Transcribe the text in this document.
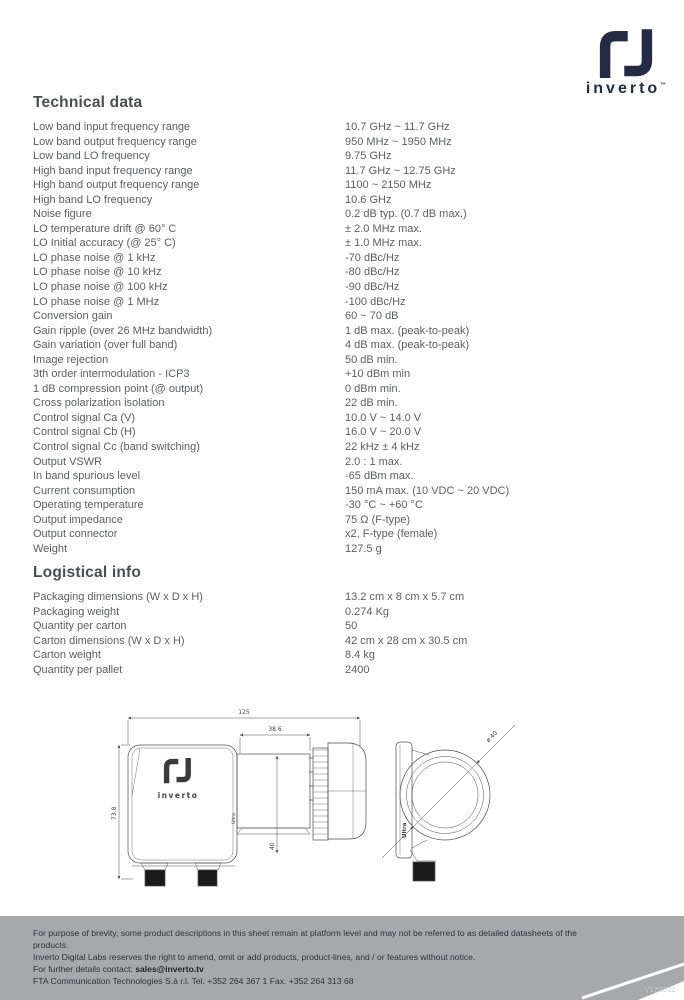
inverto™
Technical data
Low band input frequency range	10.7 GHz ~ 11.7 GHz
Low band output frequency range	950 MHz ~ 1950 MHz
Low band LO frequency	9.75 GHz
High band input frequency range	11.7 GHz ~ 12.75 GHz
High band output frequency range	1100 ~ 2150 MHz
High band LO frequency	10.6 GHz
Noise figure	0.2 dB typ. (0.7 dB max.)
LO temperature drift @ 60° C	± 2.0 MHz max.
LO Initial accuracy (@ 25° C)	± 1.0 MHz max.
LO phase noise @ 1 kHz	-70 dBc/Hz
LO phase noise @ 10 kHz	-80 dBc/Hz
LO phase noise @ 100 kHz	-90 dBc/Hz
LO phase noise @ 1 MHz	-100 dBc/Hz
Conversion gain	60 ~ 70 dB
Gain ripple (over 26 MHz bandwidth)	1 dB max. (peak-to-peak)
Gain variation (over full band)	4 dB max. (peak-to-peak)
Image rejection	50 dB min.
3th order intermodulation - ICP3	+10 dBm min
1 dB compression point (@ output)	0 dBm min.
Cross polarization isolation	22 dB min.
Control signal Ca (V)	10.0 V ~ 14.0 V
Control signal Cb (H)	16.0 V ~ 20.0 V
Control signal Cc (band switching)	22 kHz ± 4 kHz
Output VSWR	2.0 : 1 max.
In band spurious level	-65 dBm max.
Current consumption	150 mA max. (10 VDC ~ 20 VDC)
Operating temperature	-30 °C ~ +60 °C
Output impedance	75 Ω (F-type)
Output connector	x2, F-type (female)
Weight	127.5 g
Logistical info
Packaging dimensions (W x D x H)	13.2 cm x 8 cm x 5.7 cm
Packaging weight	0.274 Kg
Quantity per carton	50
Carton dimensions (W x D x H)	42 cm x 28 cm x 30.5 cm
Carton weight	8.4 kg
Quantity per pallet	2400
inverto
Ultra
125
38.6
73.8
40
Ultra
ø 40
For purpose of brevity, some product descriptions in this sheet remain at platform level and may not be referred to as detailed datasheets of the products.
Inverto Digital Labs reserves the right to amend, omit or add products, product-lines, and / or features without notice.
For further details contact: sales@inverto.tv
FTA Communication Technologies S.à r.l. Tel. +352 264 367 1 Fax. +352 264 313 68
V170621
